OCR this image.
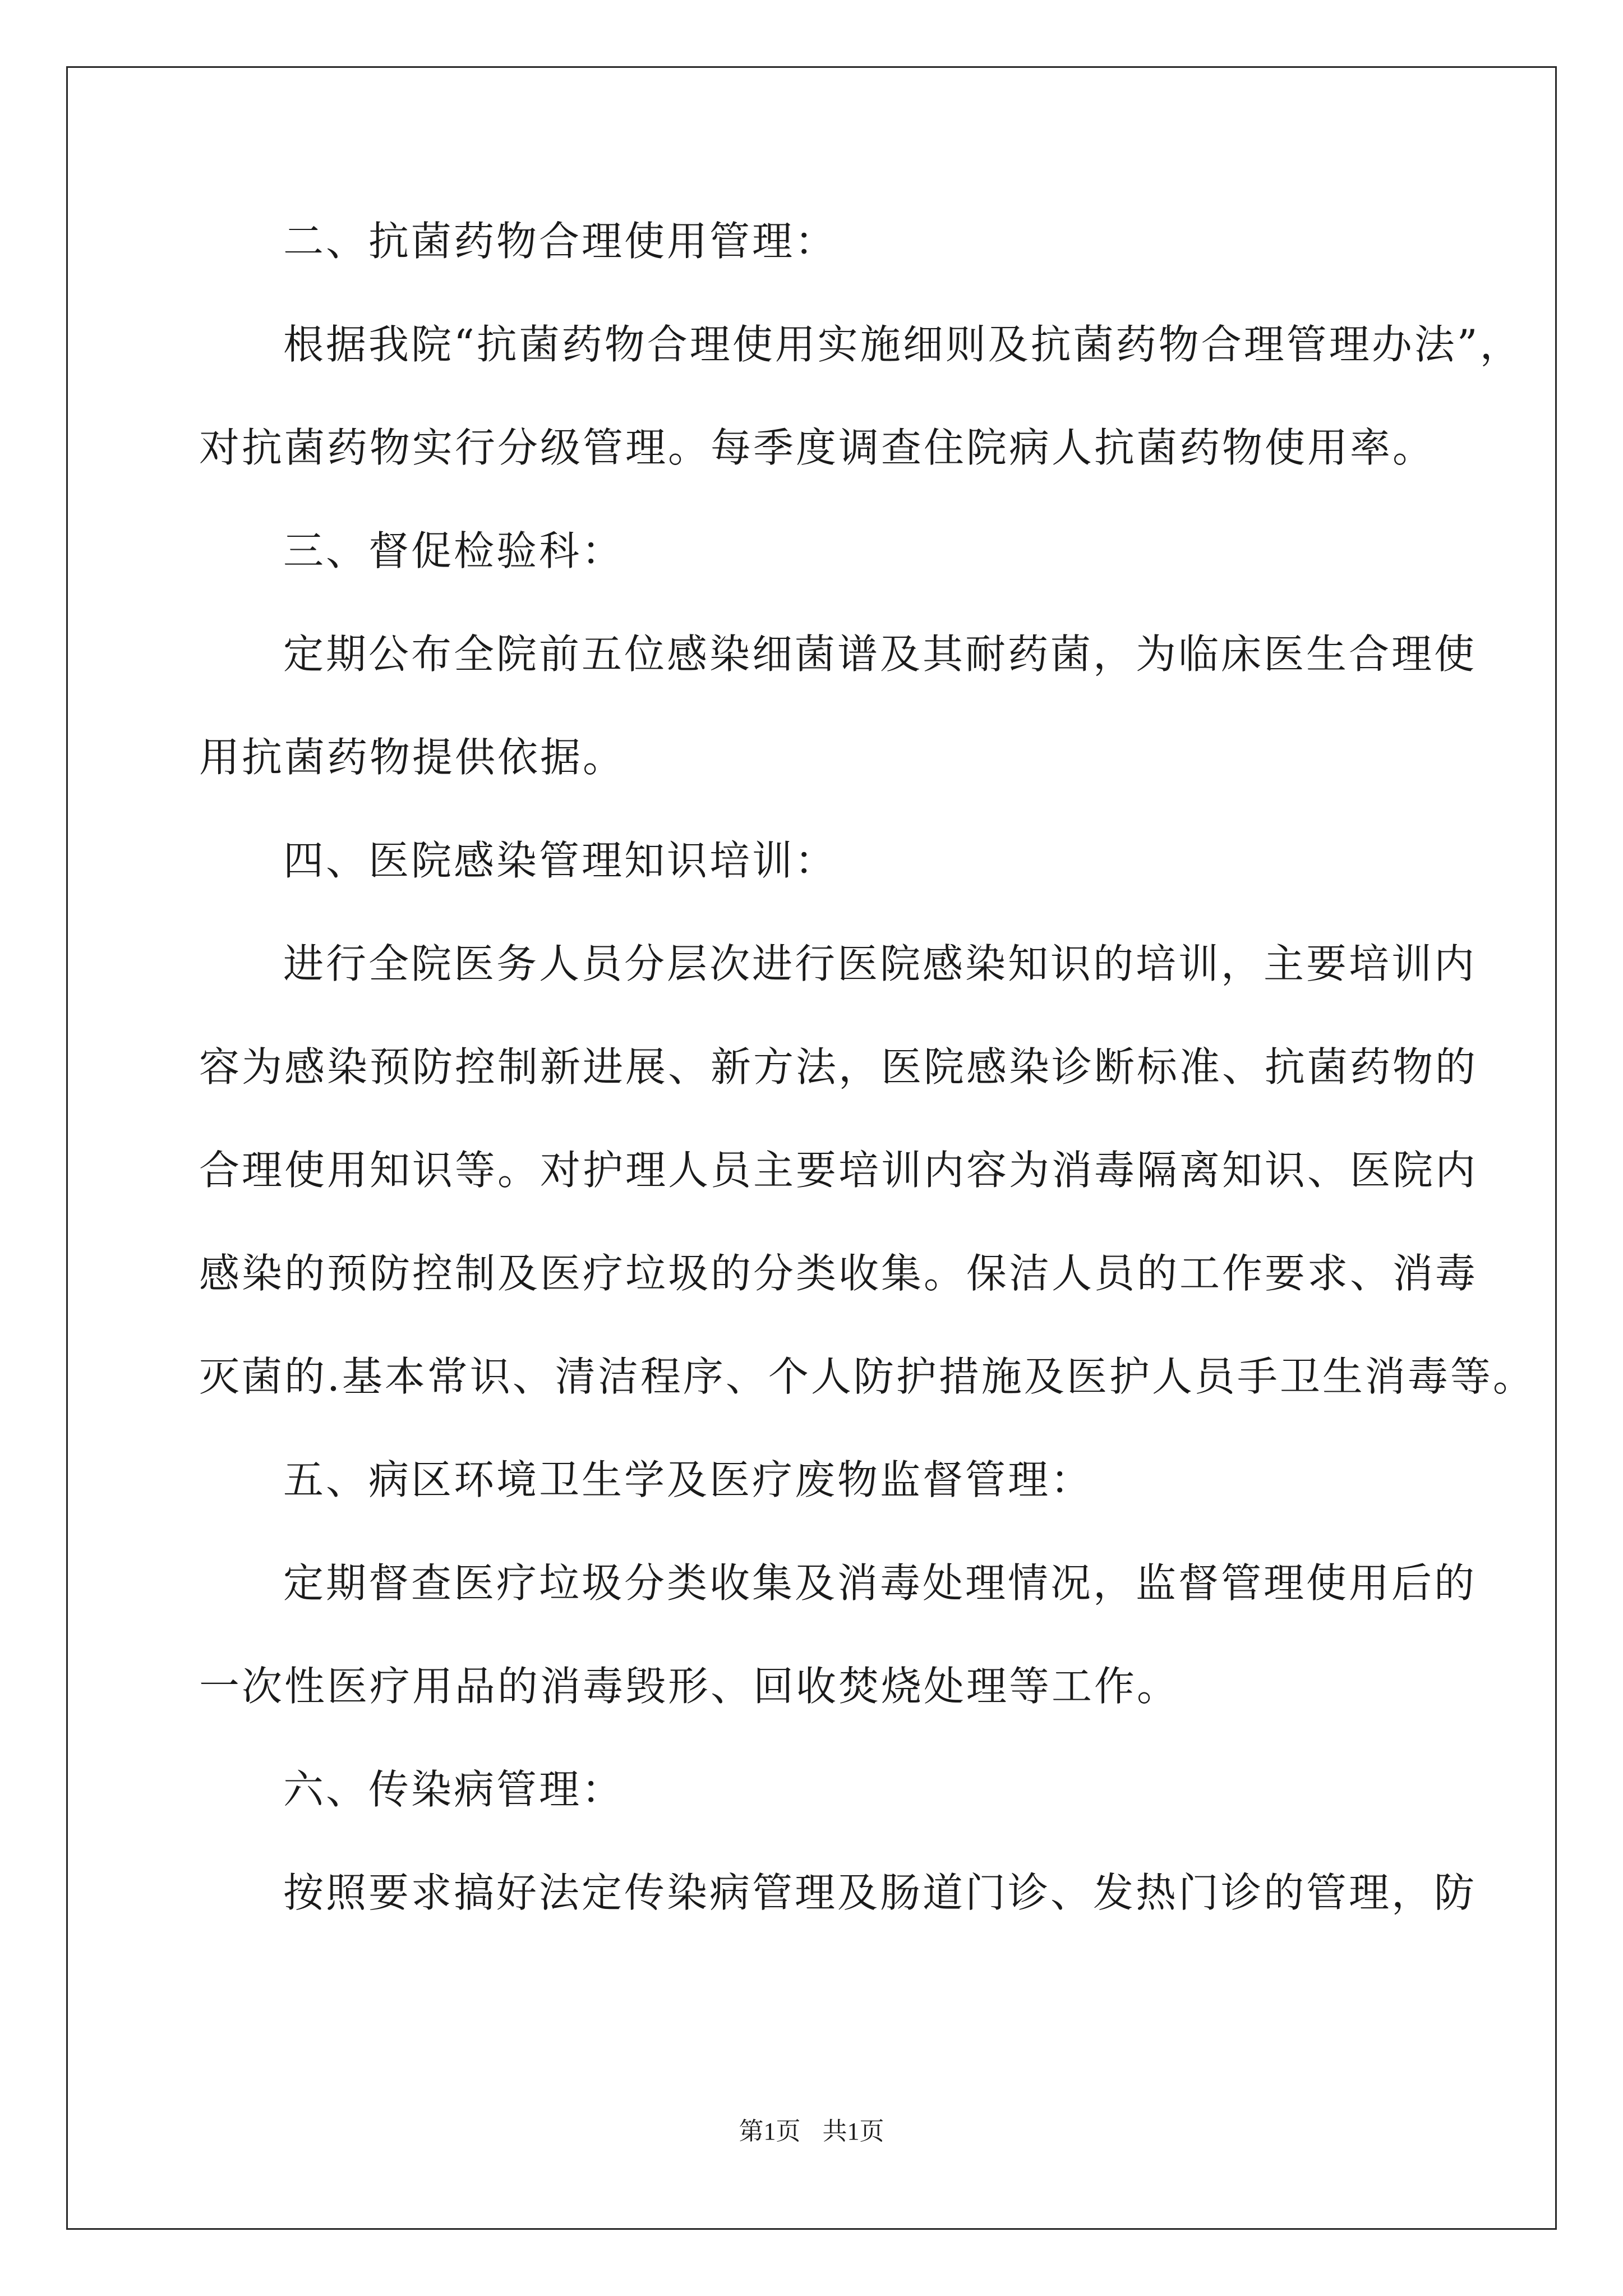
二、抗菌药物合理使用管理：
根据我院“抗菌药物合理使用实施细则及抗菌药物合理管理办法”，
对抗菌药物实行分级管理。每季度调查住院病人抗菌药物使用率。
三、督促检验科：
定期公布全院前五位感染细菌谱及其耐药菌，为临床医生合理使
用抗菌药物提供依据。
四、医院感染管理知识培训：
进行全院医务人员分层次进行医院感染知识的培训，主要培训内
容为感染预防控制新进展、新方法，医院感染诊断标准、抗菌药物的
合理使用知识等。对护理人员主要培训内容为消毒隔离知识、医院内
感染的预防控制及医疗垃圾的分类收集。保洁人员的工作要求、消毒
灭菌的.基本常识、清洁程序、个人防护措施及医护人员手卫生消毒等。
五、病区环境卫生学及医疗废物监督管理：
定期督查医疗垃圾分类收集及消毒处理情况，监督管理使用后的
一次性医疗用品的消毒毁形、回收焚烧处理等工作。
六、传染病管理：
按照要求搞好法定传染病管理及肠道门诊、发热门诊的管理，防
第1页 共1页
